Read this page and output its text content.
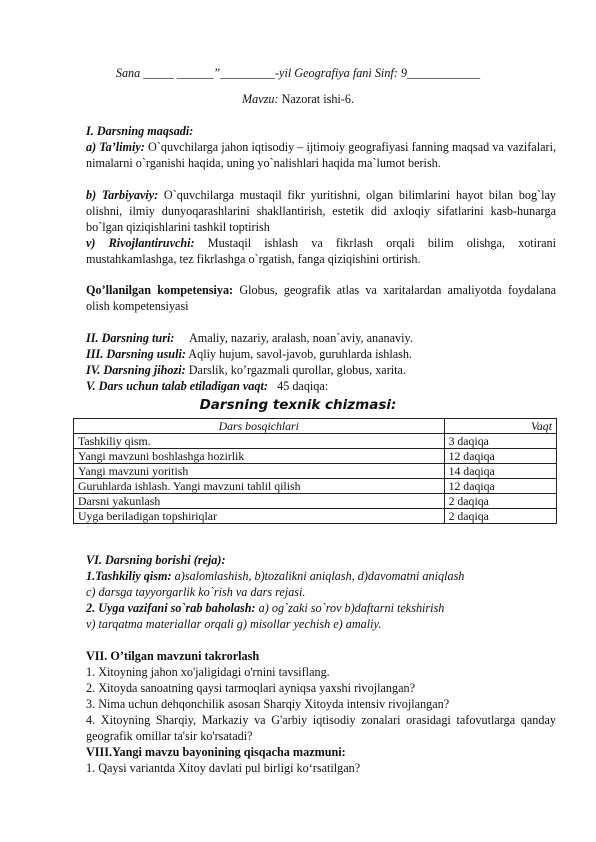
Sana _____ ______”_________-yil Geografiya fani Sinf: 9____________
Mavzu: Nazorat ishi-6.
I. Darsning maqsadi:
a) Ta’limiy: O`quvchilarga jahon iqtisodiy – ijtimoiy geografiyasi fanning maqsad va vazifalari, nimalarni o`rganishi haqida, uning yo`nalishlari haqida ma`lumot berish.
b) Tarbiyaviy: O`quvchilarga mustaqil fikr yuritishni, olgan bilimlarini hayot bilan bog`lay olishni, ilmiy dunyoqarashlarini shakllantirish, estetik did axloqiy sifatlarini kasb-hunarga bo`lgan qiziqishlarini tashkil toptirish
v) Rivojlantiruvchi: Mustaqil ishlash va fikrlash orqali bilim olishga, xotirani mustahkamlashga, tez fikrlashga o`rgatish, fanga qiziqishini ortirish.
Qo’llanilgan kompetensiya: Globus, geografik atlas va xaritalardan amaliyotda foydalana olish kompetensiyasi
II. Darsning turi: Amaliy, nazariy, aralash, noan`aviy, ananaviy.
III. Darsning usuli: Aqliy hujum, savol-javob, guruhlarda ishlash.
IV. Darsning jihozi: Darslik, ko’rgazmali qurollar, globus, xarita.
V. Dars uchun talab etiladigan vaqt: 45 daqiqa:
Darsning texnik chizmasi:
Dars bosqichlari	Vaqt
Tashkiliy qism.	3 daqiqa
Yangi mavzuni boshlashga hozirlik	12 daqiqa
Yangi mavzuni yoritish	14 daqiqa
Guruhlarda ishlash. Yangi mavzuni tahlil qilish	12 daqiqa
Darsni yakunlash	2 daqiqa
Uyga beriladigan topshiriqlar	2 daqiqa
VI. Darsning borishi (reja):
1.Tashkiliy qism: a)salomlashish, b)tozalikni aniqlash, d)davomatni aniqlash
c) darsga tayyorgarlik ko`rish va dars rejasi.
2. Uyga vazifani so`rab baholash: a) og`zaki so`rov b)daftarni tekshirish
v) tarqatma materiallar orqali g) misollar yechish e) amaliy.
VII. O’tilgan mavzuni takrorlash
1. Xitoyning jahon xo'jaligidagi o'rnini tavsiflang.
2. Xitoyda sanoatning qaysi tarmoqlari ayniqsa yaxshi rivojlangan?
3. Nima uchun dehqonchilik asosan Sharqiy Xitoyda intensiv rivojlangan?
4. Xitoyning Sharqiy, Markaziy va G'arbiy iqtisodiy zonalari orasidagi tafovutlarga qanday geografik omillar ta'sir ko'rsatadi?
VIII.Yangi mavzu bayonining qisqacha mazmuni:
1. Qaysi variantda Xitoy davlati pul birligi ko‘rsatilgan?
